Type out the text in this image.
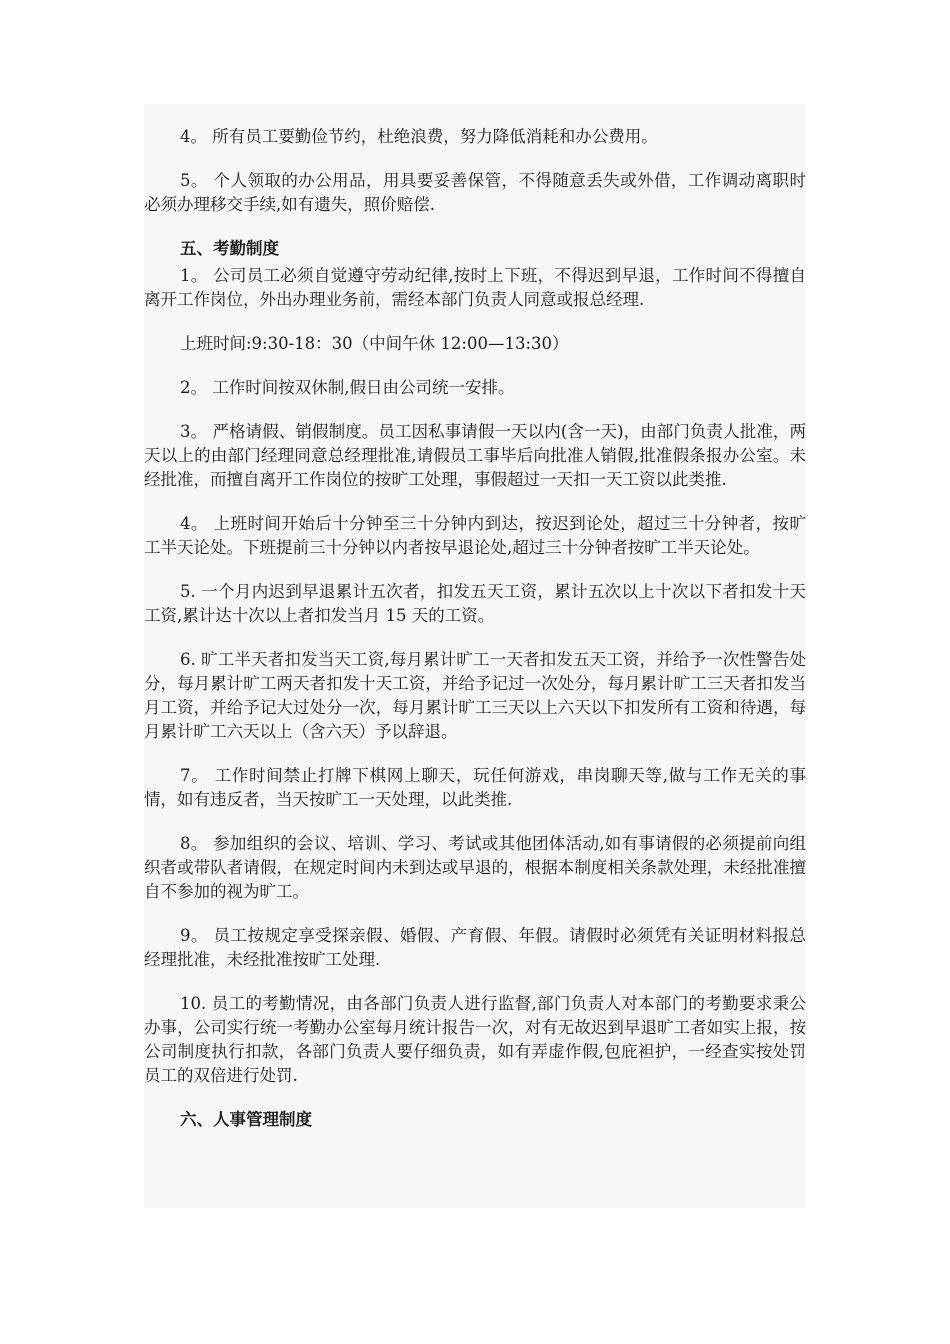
4。 所有员工要勤俭节约，杜绝浪费，努力降低消耗和办公费用。

5。 个人领取的办公用品，用具要妥善保管，不得随意丢失或外借，工作调动离职时必须办理移交手续,如有遗失，照价赔偿.

五、考勤制度

1。 公司员工必须自觉遵守劳动纪律,按时上下班，不得迟到早退，工作时间不得擅自离开工作岗位，外出办理业务前，需经本部门负责人同意或报总经理.

上班时间:9:30-18：30（中间午休 12:00—13:30）

2。 工作时间按双休制,假日由公司统一安排。

3。 严格请假、销假制度。员工因私事请假一天以内(含一天)，由部门负责人批准，两天以上的由部门经理同意总经理批准,请假员工事毕后向批准人销假,批准假条报办公室。未经批准，而擅自离开工作岗位的按旷工处理，事假超过一天扣一天工资以此类推.

4。 上班时间开始后十分钟至三十分钟内到达，按迟到论处，超过三十分钟者，按旷工半天论处。下班提前三十分钟以内者按早退论处,超过三十分钟者按旷工半天论处。

5. 一个月内迟到早退累计五次者，扣发五天工资，累计五次以上十次以下者扣发十天工资,累计达十次以上者扣发当月 15 天的工资。

6. 旷工半天者扣发当天工资,每月累计旷工一天者扣发五天工资，并给予一次性警告处分，每月累计旷工两天者扣发十天工资，并给予记过一次处分，每月累计旷工三天者扣发当月工资，并给予记大过处分一次，每月累计旷工三天以上六天以下扣发所有工资和待遇，每月累计旷工六天以上（含六天）予以辞退。

7。 工作时间禁止打牌下棋网上聊天，玩任何游戏，串岗聊天等,做与工作无关的事情，如有违反者，当天按旷工一天处理，以此类推.

8。 参加组织的会议、培训、学习、考试或其他团体活动,如有事请假的必须提前向组织者或带队者请假，在规定时间内未到达或早退的，根据本制度相关条款处理，未经批准擅自不参加的视为旷工。

9。 员工按规定享受探亲假、婚假、产育假、年假。请假时必须凭有关证明材料报总经理批准，未经批准按旷工处理.

10. 员工的考勤情况，由各部门负责人进行监督,部门负责人对本部门的考勤要求秉公办事，公司实行统一考勤办公室每月统计报告一次，对有无故迟到早退旷工者如实上报，按公司制度执行扣款，各部门负责人要仔细负责，如有弄虚作假,包庇袒护，一经查实按处罚员工的双倍进行处罚.

六、人事管理制度
